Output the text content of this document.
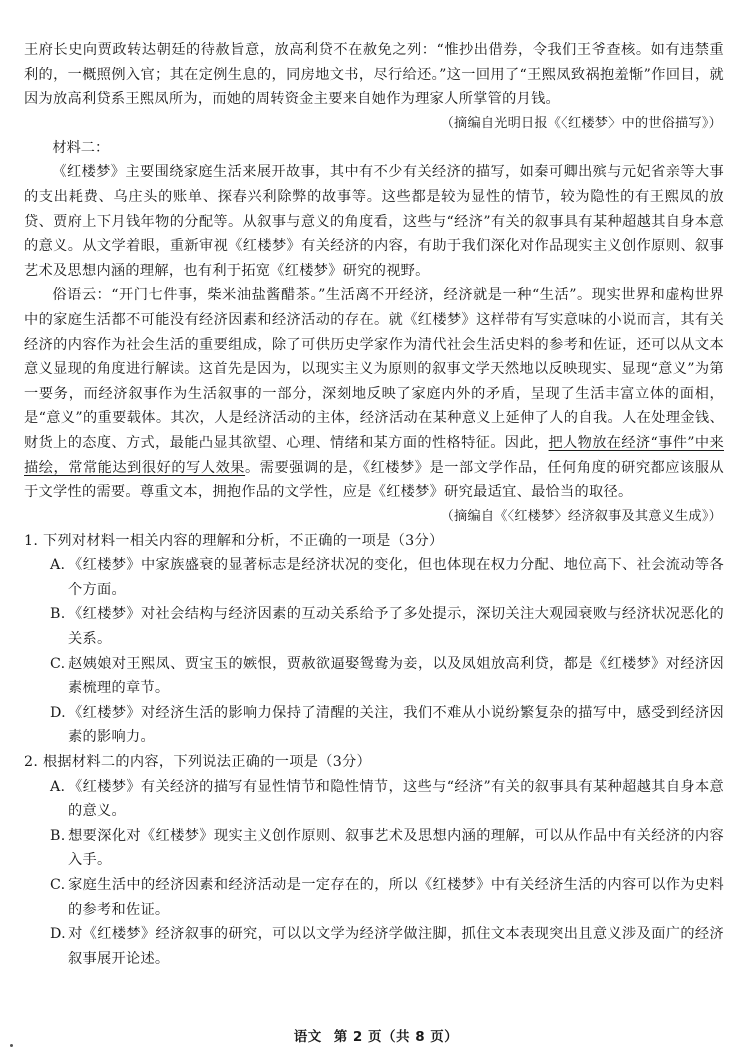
王府长史向贾政转达朝廷的待赦旨意，放高利贷不在赦免之列：“惟抄出借券，令我们王爷查核。如有违禁重利的，一概照例入官；其在定例生息的，同房地文书，尽行给还。”这一回用了“王熙凤致祸抱羞惭”作回目，就因为放高利贷系王熙凤所为，而她的周转资金主要来自她作为理家人所掌管的月钱。

（摘编自光明日报《〈红楼梦〉中的世俗描写》）

材料二：

《红楼梦》主要围绕家庭生活来展开故事，其中有不少有关经济的描写，如秦可卿出殡与元妃省亲等大事的支出耗费、乌庄头的账单、探春兴利除弊的故事等。这些都是较为显性的情节，较为隐性的有王熙凤的放贷、贾府上下月钱年物的分配等。从叙事与意义的角度看，这些与“经济”有关的叙事具有某种超越其自身本意的意义。从文学着眼，重新审视《红楼梦》有关经济的内容，有助于我们深化对作品现实主义创作原则、叙事艺术及思想内涵的理解，也有利于拓宽《红楼梦》研究的视野。

俗语云：“开门七件事，柴米油盐酱醋茶。”生活离不开经济，经济就是一种“生活”。现实世界和虚构世界中的家庭生活都不可能没有经济因素和经济活动的存在。就《红楼梦》这样带有写实意味的小说而言，其有关经济的内容作为社会生活的重要组成，除了可供历史学家作为清代社会生活史料的参考和佐证，还可以从文本意义显现的角度进行解读。这首先是因为，以现实主义为原则的叙事文学天然地以反映现实、显现“意义”为第一要务，而经济叙事作为生活叙事的一部分，深刻地反映了家庭内外的矛盾，呈现了生活丰富立体的面相，是“意义”的重要载体。其次，人是经济活动的主体，经济活动在某种意义上延伸了人的自我。人在处理金钱、财货上的态度、方式，最能凸显其欲望、心理、情绪和某方面的性格特征。因此，把人物放在经济“事件”中来描绘，常常能达到很好的写人效果。需要强调的是，《红楼梦》是一部文学作品，任何角度的研究都应该服从于文学性的需要。尊重文本，拥抱作品的文学性，应是《红楼梦》研究最适宜、最恰当的取径。

（摘编自《〈红楼梦〉经济叙事及其意义生成》）

1. 下列对材料一相关内容的理解和分析，不正确的一项是（3分）

A. 《红楼梦》中家族盛衰的显著标志是经济状况的变化，但也体现在权力分配、地位高下、社会流动等各个方面。

B. 《红楼梦》对社会结构与经济因素的互动关系给予了多处提示，深切关注大观园衰败与经济状况恶化的关系。

C. 赵姨娘对王熙凤、贾宝玉的嫉恨，贾赦欲逼娶鸳鸯为妾，以及凤姐放高利贷，都是《红楼梦》对经济因素梳理的章节。

D. 《红楼梦》对经济生活的影响力保持了清醒的关注，我们不难从小说纷繁复杂的描写中，感受到经济因素的影响力。

2. 根据材料二的内容，下列说法正确的一项是（3分）

A. 《红楼梦》有关经济的描写有显性情节和隐性情节，这些与“经济”有关的叙事具有某种超越其自身本意的意义。

B. 想要深化对《红楼梦》现实主义创作原则、叙事艺术及思想内涵的理解，可以从作品中有关经济的内容入手。

C. 家庭生活中的经济因素和经济活动是一定存在的，所以《红楼梦》中有关经济生活的内容可以作为史料的参考和佐证。

D. 对《红楼梦》经济叙事的研究，可以以文学为经济学做注脚，抓住文本表现突出且意义涉及面广的经济叙事展开论述。

语文 第 2 页（共 8 页）
